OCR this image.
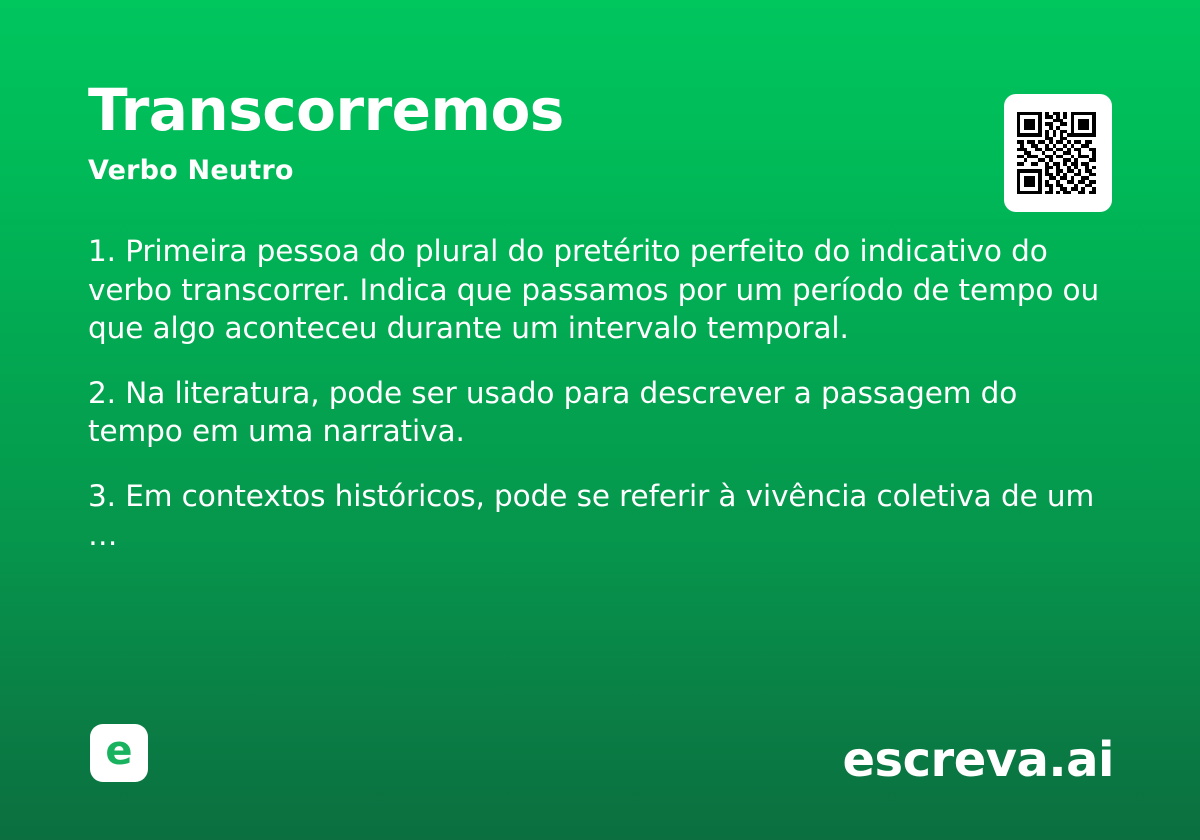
Transcorremos
Verbo Neutro

1. Primeira pessoa do plural do pretérito perfeito do indicativo do verbo transcorrer. Indica que passamos por um período de tempo ou que algo aconteceu durante um intervalo temporal.

2. Na literatura, pode ser usado para descrever a passagem do tempo em uma narrativa.

3. Em contextos históricos, pode se referir à vivência coletiva de um …

e	escreva.ai
